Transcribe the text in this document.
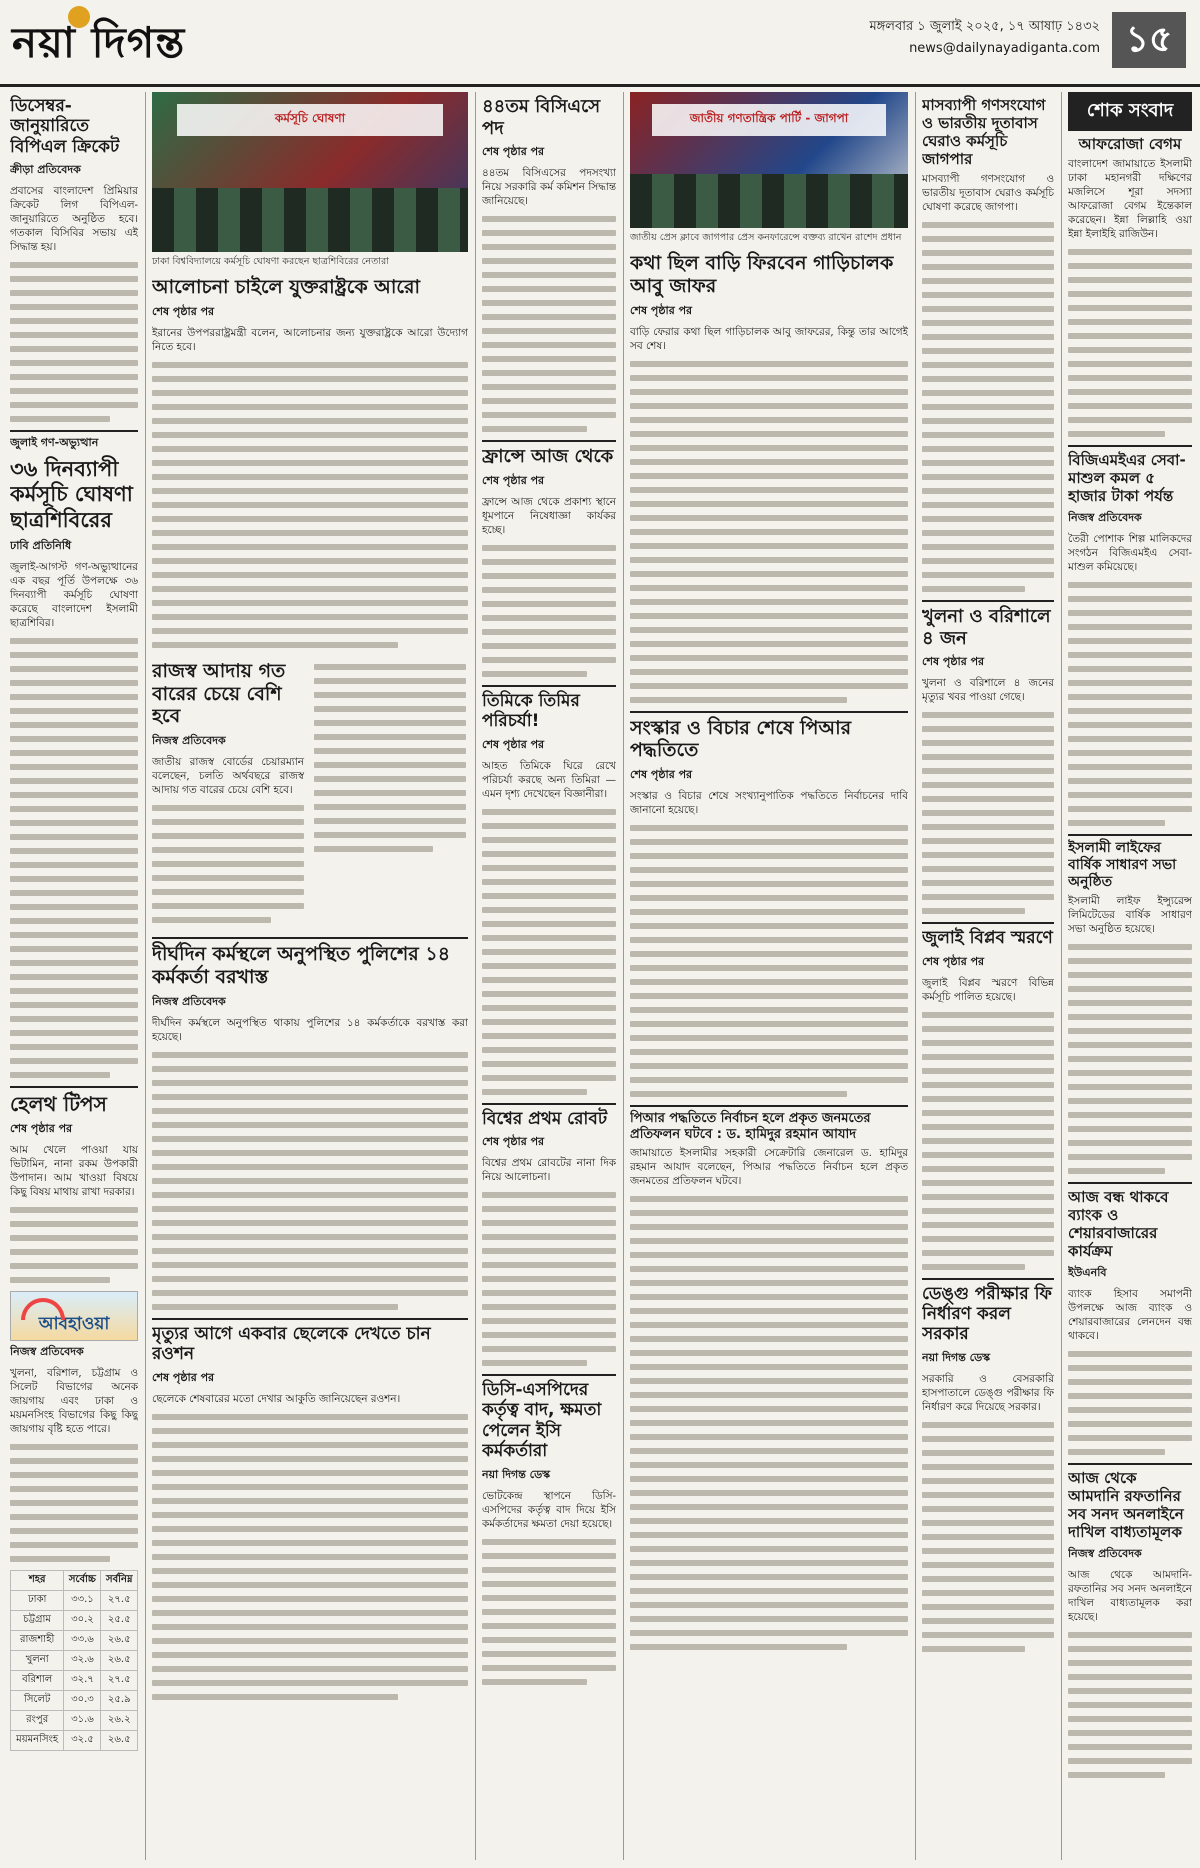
নয়া দিগন্ত	মঙ্গলবার ১ জুলাই ২০২৫, ১৭ আষাঢ় ১৪৩২
news@dailynayadiganta.com ১৫
ডিসেম্বর-জানুয়ারিতে বিপিএল ক্রিকেট
ক্রীড়া প্রতিবেদক

প্রবাসের বাংলাদেশ প্রিমিয়ার ক্রিকেট লিগ বিপিএল-জানুয়ারিতে অনুষ্ঠিত হবে। গতকাল বিসিবির সভায় এই সিদ্ধান্ত হয়।

জুলাই গণ-অভ্যুত্থান
৩৬ দিনব্যাপী কর্মসূচি ঘোষণা ছাত্রশিবিরের
ঢাবি প্রতিনিধি

জুলাই-আগস্ট গণ-অভ্যুত্থানের এক বছর পূর্তি উপলক্ষে ৩৬ দিনব্যাপী কর্মসূচি ঘোষণা করেছে বাংলাদেশ ইসলামী ছাত্রশিবির।

হেলথ টিপস
শেষ পৃষ্ঠার পর

আম খেলে পাওয়া যায় ভিটামিন, নানা রকম উপকারী উপাদান। আম খাওয়া বিষয়ে কিছু বিষয় মাথায় রাখা দরকার।

আবহাওয়া
নিজস্ব প্রতিবেদক

খুলনা, বরিশাল, চট্টগ্রাম ও সিলেট বিভাগের অনেক জায়গায় এবং ঢাকা ও ময়মনসিংহ বিভাগের কিছু কিছু জায়গায় বৃষ্টি হতে পারে।

শহর	সর্বোচ্চ	সর্বনিম্ন
ঢাকা	৩৩.১	২৭.৫
চট্টগ্রাম	৩০.২	২৫.৫
রাজশাহী	৩৩.৬	২৬.৫
খুলনা	৩২.৬	২৬.৫
বরিশাল	৩২.৭	২৭.৫
সিলেট	৩০.৩	২৫.৯
রংপুর	৩১.৬	২৬.২
ময়মনসিংহ	৩২.৫	২৬.৫
কর্মসূচি ঘোষণা
ঢাকা বিশ্ববিদ্যালয়ে কর্মসূচি ঘোষণা করছেন ছাত্রশিবিরের নেতারা
আলোচনা চাইলে যুক্তরাষ্ট্রকে আরো
শেষ পৃষ্ঠার পর

ইরানের উপপররাষ্ট্রমন্ত্রী বলেন, আলোচনার জন্য যুক্তরাষ্ট্রকে আরো উদ্যোগ নিতে হবে।

রাজস্ব আদায় গত বারের চেয়ে বেশি হবে
নিজস্ব প্রতিবেদক

জাতীয় রাজস্ব বোর্ডের চেয়ারম্যান বলেছেন, চলতি অর্থবছরে রাজস্ব আদায় গত বারের চেয়ে বেশি হবে।

দীর্ঘদিন কর্মস্থলে অনুপস্থিত পুলিশের ১৪ কর্মকর্তা বরখাস্ত
নিজস্ব প্রতিবেদক

দীর্ঘদিন কর্মস্থলে অনুপস্থিত থাকায় পুলিশের ১৪ কর্মকর্তাকে বরখাস্ত করা হয়েছে।

মৃত্যুর আগে একবার ছেলেকে দেখতে চান রওশন
শেষ পৃষ্ঠার পর

ছেলেকে শেষবারের মতো দেখার আকুতি জানিয়েছেন রওশন।

৪৪তম বিসিএসে পদ
শেষ পৃষ্ঠার পর

৪৪তম বিসিএসের পদসংখ্যা নিয়ে সরকারি কর্ম কমিশন সিদ্ধান্ত জানিয়েছে।

ফ্রান্সে আজ থেকে
শেষ পৃষ্ঠার পর

ফ্রান্সে আজ থেকে প্রকাশ্য স্থানে ধূমপানে নিষেধাজ্ঞা কার্যকর হচ্ছে।

তিমিকে তিমির পরিচর্যা!
শেষ পৃষ্ঠার পর

আহত তিমিকে ঘিরে রেখে পরিচর্যা করছে অন্য তিমিরা — এমন দৃশ্য দেখেছেন বিজ্ঞানীরা।

বিশ্বের প্রথম রোবট
শেষ পৃষ্ঠার পর

বিশ্বের প্রথম রোবটের নানা দিক নিয়ে আলোচনা।

ডিসি-এসপিদের কর্তৃত্ব বাদ, ক্ষমতা পেলেন ইসি কর্মকর্তারা
নয়া দিগন্ত ডেস্ক

ভোটকেন্দ্র স্থাপনে ডিসি-এসপিদের কর্তৃত্ব বাদ দিয়ে ইসি কর্মকর্তাদের ক্ষমতা দেয়া হয়েছে।

জাতীয় গণতান্ত্রিক পার্টি - জাগপা
জাতীয় প্রেস ক্লাবে জাগপার প্রেস কনফারেন্সে বক্তব্য রাখেন রাশেদ প্রধান
কথা ছিল বাড়ি ফিরবেন গাড়িচালক আবু জাফর
শেষ পৃষ্ঠার পর

বাড়ি ফেরার কথা ছিল গাড়িচালক আবু জাফরের, কিন্তু তার আগেই সব শেষ।

সংস্কার ও বিচার শেষে পিআর পদ্ধতিতে
শেষ পৃষ্ঠার পর

সংস্কার ও বিচার শেষে সংখ্যানুপাতিক পদ্ধতিতে নির্বাচনের দাবি জানানো হয়েছে।

পিআর পদ্ধতিতে নির্বাচন হলে প্রকৃত জনমতের প্রতিফলন ঘটবে : ড. হামিদুর রহমান আযাদ

জামায়াতে ইসলামীর সহকারী সেক্রেটারি জেনারেল ড. হামিদুর রহমান আযাদ বলেছেন, পিআর পদ্ধতিতে নির্বাচন হলে প্রকৃত জনমতের প্রতিফলন ঘটবে।

মাসব্যাপী গণসংযোগ ও ভারতীয় দূতাবাস ঘেরাও কর্মসূচি জাগপার

মাসব্যাপী গণসংযোগ ও ভারতীয় দূতাবাস ঘেরাও কর্মসূচি ঘোষণা করেছে জাগপা।

খুলনা ও বরিশালে ৪ জন
শেষ পৃষ্ঠার পর

খুলনা ও বরিশালে ৪ জনের মৃত্যুর খবর পাওয়া গেছে।

জুলাই বিপ্লব স্মরণে
শেষ পৃষ্ঠার পর

জুলাই বিপ্লব স্মরণে বিভিন্ন কর্মসূচি পালিত হয়েছে।

ডেঙ্গু পরীক্ষার ফি নির্ধারণ করল সরকার
নয়া দিগন্ত ডেস্ক

সরকারি ও বেসরকারি হাসপাতালে ডেঙ্গু পরীক্ষার ফি নির্ধারণ করে দিয়েছে সরকার।

শোক সংবাদ
আফরোজা বেগম

বাংলাদেশ জামায়াতে ইসলামী ঢাকা মহানগরী দক্ষিণের মজলিসে শূরা সদস্যা আফরোজা বেগম ইন্তেকাল করেছেন। ইন্না লিল্লাহি ওয়া ইন্না ইলাইহি রাজিউন।

বিজিএমইএর সেবা-মাশুল কমল ৫ হাজার টাকা পর্যন্ত
নিজস্ব প্রতিবেদক

তৈরী পোশাক শিল্প মালিকদের সংগঠন বিজিএমইএ সেবা-মাশুল কমিয়েছে।

ইসলামী লাইফের বার্ষিক সাধারণ সভা অনুষ্ঠিত

ইসলামী লাইফ ইন্স্যুরেন্স লিমিটেডের বার্ষিক সাধারণ সভা অনুষ্ঠিত হয়েছে।

আজ বন্ধ থাকবে ব্যাংক ও শেয়ারবাজারের কার্যক্রম
ইউএনবি

ব্যাংক হিসাব সমাপনী উপলক্ষে আজ ব্যাংক ও শেয়ারবাজারের লেনদেন বন্ধ থাকবে।

আজ থেকে আমদানি রফতানির সব সনদ অনলাইনে দাখিল বাধ্যতামূলক
নিজস্ব প্রতিবেদক

আজ থেকে আমদানি-রফতানির সব সনদ অনলাইনে দাখিল বাধ্যতামূলক করা হয়েছে।
